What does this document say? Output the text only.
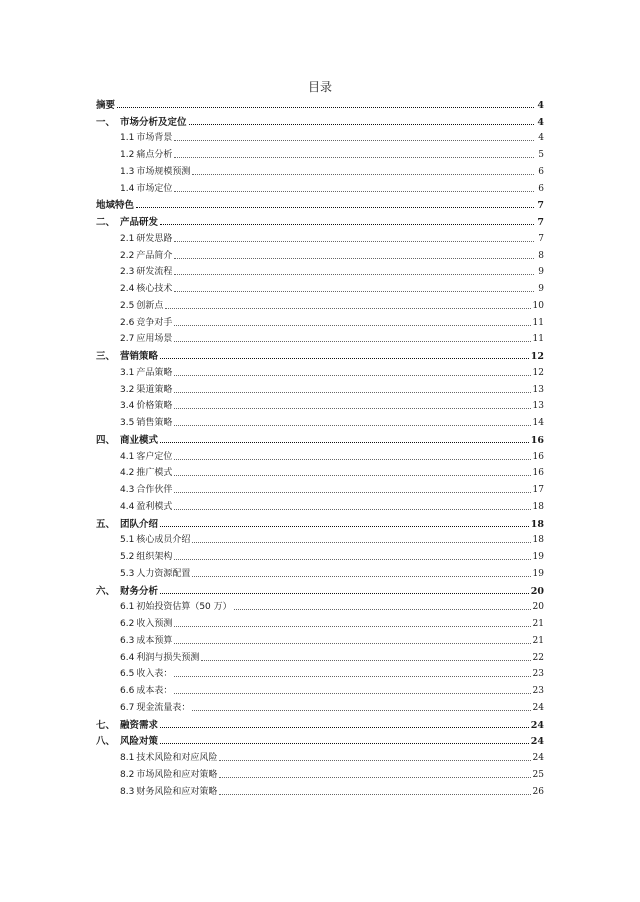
目录
摘要	4
一、 市场分析及定位	4
1.1 市场背景	4
1.2 痛点分析	5
1.3 市场规模预测	6
1.4 市场定位	6
地域特色	7
二、 产品研发	7
2.1 研发思路	7
2.2 产品简介	8
2.3 研发流程	9
2.4 核心技术	9
2.5 创新点	10
2.6 竞争对手	11
2.7 应用场景	11
三、 营销策略	12
3.1 产品策略	12
3.2 渠道策略	13
3.4 价格策略	13
3.5 销售策略	14
四、 商业模式	16
4.1 客户定位	16
4.2 推广模式	16
4.3 合作伙伴	17
4.4 盈利模式	18
五、 团队介绍	18
5.1 核心成员介绍	18
5.2 组织架构	19
5.3 人力资源配置	19
六、 财务分析	20
6.1 初始投资估算（50 万）	20
6.2 收入预测	21
6.3 成本预算	21
6.4 利润与损失预测	22
6.5 收入表：	23
6.6 成本表：	23
6.7 现金流量表：	24
七、 融资需求	24
八、 风险对策	24
8.1 技术风险和对应风险	24
8.2 市场风险和应对策略	25
8.3 财务风险和应对策略	26
